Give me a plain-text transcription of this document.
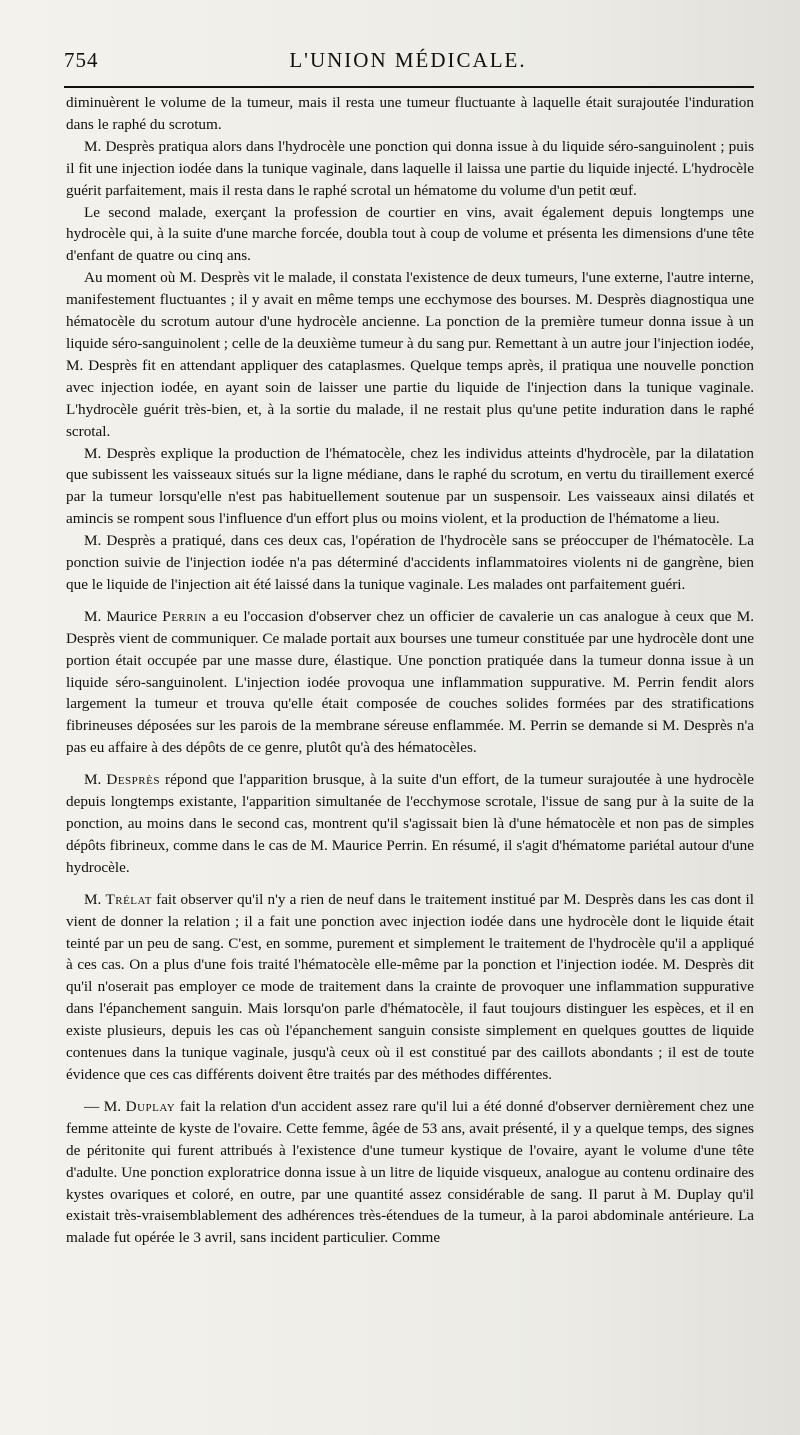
754	L'UNION MÉDICALE.

diminuèrent le volume de la tumeur, mais il resta une tumeur fluctuante à laquelle était surajoutée l'induration dans le raphé du scrotum.

M. Desprès pratiqua alors dans l'hydrocèle une ponction qui donna issue à du liquide séro-sanguinolent ; puis il fit une injection iodée dans la tunique vaginale, dans laquelle il laissa une partie du liquide injecté. L'hydrocèle guérit parfaitement, mais il resta dans le raphé scrotal un hématome du volume d'un petit œuf.

Le second malade, exerçant la profession de courtier en vins, avait également depuis longtemps une hydrocèle qui, à la suite d'une marche forcée, doubla tout à coup de volume et présenta les dimensions d'une tête d'enfant de quatre ou cinq ans.

Au moment où M. Desprès vit le malade, il constata l'existence de deux tumeurs, l'une externe, l'autre interne, manifestement fluctuantes ; il y avait en même temps une ecchymose des bourses. M. Desprès diagnostiqua une hématocèle du scrotum autour d'une hydrocèle ancienne. La ponction de la première tumeur donna issue à un liquide séro-sanguinolent ; celle de la deuxième tumeur à du sang pur. Remettant à un autre jour l'injection iodée, M. Desprès fit en attendant appliquer des cataplasmes. Quelque temps après, il pratiqua une nouvelle ponction avec injection iodée, en ayant soin de laisser une partie du liquide de l'injection dans la tunique vaginale. L'hydrocèle guérit très-bien, et, à la sortie du malade, il ne restait plus qu'une petite induration dans le raphé scrotal.

M. Desprès explique la production de l'hématocèle, chez les individus atteints d'hydrocèle, par la dilatation que subissent les vaisseaux situés sur la ligne médiane, dans le raphé du scrotum, en vertu du tiraillement exercé par la tumeur lorsqu'elle n'est pas habituellement soutenue par un suspensoir. Les vaisseaux ainsi dilatés et amincis se rompent sous l'influence d'un effort plus ou moins violent, et la production de l'hématome a lieu.

M. Desprès a pratiqué, dans ces deux cas, l'opération de l'hydrocèle sans se préoccuper de l'hématocèle. La ponction suivie de l'injection iodée n'a pas déterminé d'accidents inflammatoires violents ni de gangrène, bien que le liquide de l'injection ait été laissé dans la tunique vaginale. Les malades ont parfaitement guéri.

M. Maurice Perrin a eu l'occasion d'observer chez un officier de cavalerie un cas analogue à ceux que M. Desprès vient de communiquer. Ce malade portait aux bourses une tumeur constituée par une hydrocèle dont une portion était occupée par une masse dure, élastique. Une ponction pratiquée dans la tumeur donna issue à un liquide séro-sanguinolent. L'injection iodée provoqua une inflammation suppurative. M. Perrin fendit alors largement la tumeur et trouva qu'elle était composée de couches solides formées par des stratifications fibrineuses déposées sur les parois de la membrane séreuse enflammée. M. Perrin se demande si M. Desprès n'a pas eu affaire à des dépôts de ce genre, plutôt qu'à des hématocèles.

M. Desprès répond que l'apparition brusque, à la suite d'un effort, de la tumeur surajoutée à une hydrocèle depuis longtemps existante, l'apparition simultanée de l'ecchymose scrotale, l'issue de sang pur à la suite de la ponction, au moins dans le second cas, montrent qu'il s'agissait bien là d'une hématocèle et non pas de simples dépôts fibrineux, comme dans le cas de M. Maurice Perrin. En résumé, il s'agit d'hématome pariétal autour d'une hydrocèle.

M. Trélat fait observer qu'il n'y a rien de neuf dans le traitement institué par M. Desprès dans les cas dont il vient de donner la relation ; il a fait une ponction avec injection iodée dans une hydrocèle dont le liquide était teinté par un peu de sang. C'est, en somme, purement et simplement le traitement de l'hydrocèle qu'il a appliqué à ces cas. On a plus d'une fois traité l'hématocèle elle-même par la ponction et l'injection iodée. M. Desprès dit qu'il n'oserait pas employer ce mode de traitement dans la crainte de provoquer une inflammation suppurative dans l'épanchement sanguin. Mais lorsqu'on parle d'hématocèle, il faut toujours distinguer les espèces, et il en existe plusieurs, depuis les cas où l'épanchement sanguin consiste simplement en quelques gouttes de liquide contenues dans la tunique vaginale, jusqu'à ceux où il est constitué par des caillots abondants ; il est de toute évidence que ces cas différents doivent être traités par des méthodes différentes.

— M. Duplay fait la relation d'un accident assez rare qu'il lui a été donné d'observer dernièrement chez une femme atteinte de kyste de l'ovaire. Cette femme, âgée de 53 ans, avait présenté, il y a quelque temps, des signes de péritonite qui furent attribués à l'existence d'une tumeur kystique de l'ovaire, ayant le volume d'une tête d'adulte. Une ponction exploratrice donna issue à un litre de liquide visqueux, analogue au contenu ordinaire des kystes ovariques et coloré, en outre, par une quantité assez considérable de sang. Il parut à M. Duplay qu'il existait très-vraisemblablement des adhérences très-étendues de la tumeur, à la paroi abdominale antérieure. La malade fut opérée le 3 avril, sans incident particulier. Comme
